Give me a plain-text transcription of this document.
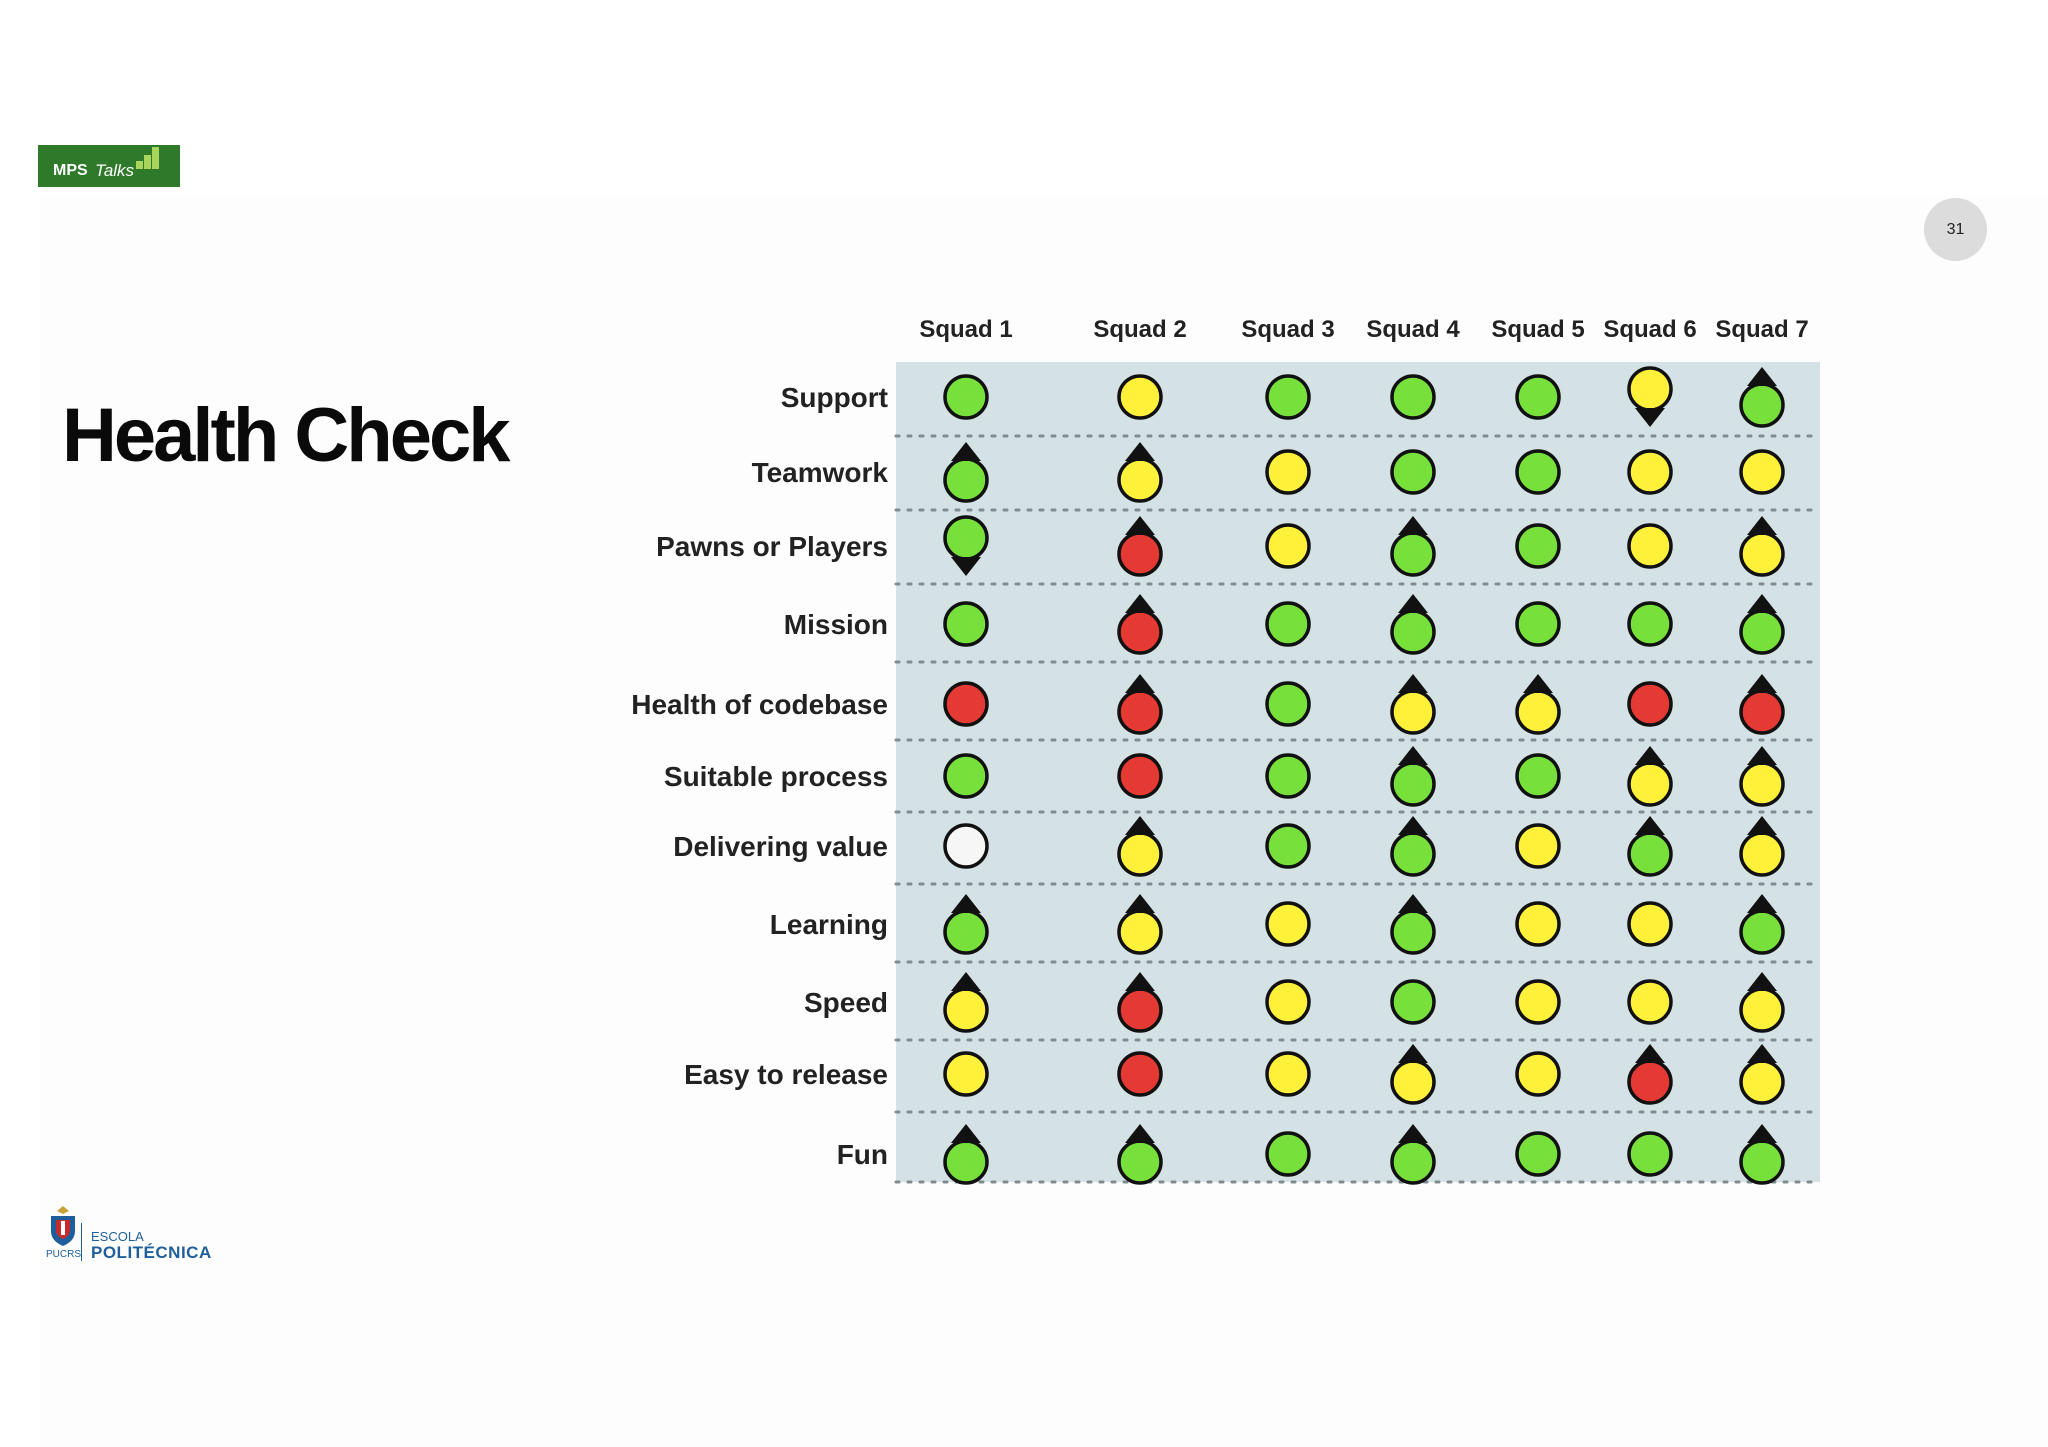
MPS Talks
31
Health Check
Squad 1	Squad 2 Squad 3 Squad 4 Squad 5 Squad 6 Squad 7
Support
Teamwork
Pawns or Players
Mission
Health of codebase
Suitable process
Delivering value
Learning
Speed
Easy to release
Fun
PUCRS
ESCOLA
POLITÉCNICA
